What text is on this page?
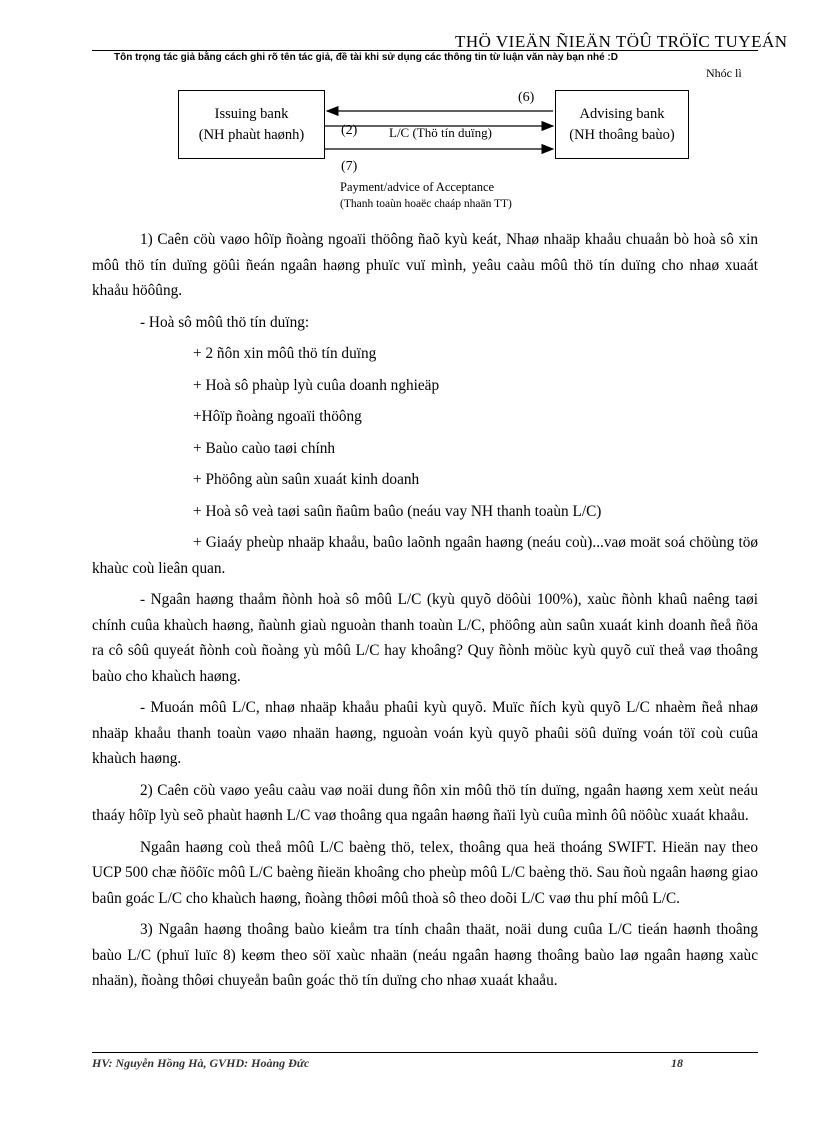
THÖ VIEÄN ÑIEÄN TÖÛ TRÖÏC TUYEÁN
Tôn trọng tác giả bằng cách ghi rõ tên tác giả, đề tài khi sử dụng các thông tin từ luận văn này bạn nhé :D
Nhóc lì
Issuing bank
(NH phaùt haønh)
Advising bank
(NH thoâng baùo)
(6)
(2) L/C (Thö tín duïng)
(7)
Payment/advice of Acceptance
(Thanh toaùn hoaëc chaáp nhaän TT)

1) Caên cöù vaøo hôïp ñoàng ngoaïi thöông ñaõ kyù keát, Nhaø nhaäp khaåu chuaån bò hoà sô xin môû thö tín duïng göûi ñeán ngaân haøng phuïc vuï mình, yeâu caàu môû thö tín duïng cho nhaø xuaát khaåu höôûng.

- Hoà sô môû thö tín duïng:

+ 2 ñôn xin môû thö tín duïng

+ Hoà sô phaùp lyù cuûa doanh nghieäp

+Hôïp ñoàng ngoaïi thöông

+ Baùo caùo taøi chính

+ Phöông aùn saûn xuaát kinh doanh

+ Hoà sô veà taøi saûn ñaûm baûo (neáu vay NH thanh toaùn L/C)

+ Giaáy pheùp nhaäp khaåu, baûo laõnh ngaân haøng (neáu coù)...vaø moät soá chöùng töø khaùc coù lieân quan.

- Ngaân haøng thaåm ñònh hoà sô môû L/C (kyù quyõ döôùi 100%), xaùc ñònh khaû naêng taøi chính cuûa khaùch haøng, ñaùnh giaù nguoàn thanh toaùn L/C, phöông aùn saûn xuaát kinh doanh ñeå ñöa ra cô sôû quyeát ñònh coù ñoàng yù môû L/C hay khoâng? Quy ñònh möùc kyù quyõ cuï theå vaø thoâng baùo cho khaùch haøng.

- Muoán môû L/C, nhaø nhaäp khaåu phaûi kyù quyõ. Muïc ñích kyù quyõ L/C nhaèm ñeå nhaø nhaäp khaåu thanh toaùn vaøo nhaän haøng, nguoàn voán kyù quyõ phaûi söû duïng voán töï coù cuûa khaùch haøng.

2) Caên cöù vaøo yeâu caàu vaø noäi dung ñôn xin môû thö tín duïng, ngaân haøng xem xeùt neáu thaáy hôïp lyù seõ phaùt haønh L/C vaø thoâng qua ngaân haøng ñaïi lyù cuûa mình ôû nöôùc xuaát khaåu.

Ngaân haøng coù theå môû L/C baèng thö, telex, thoâng qua heä thoáng SWIFT. Hieän nay theo UCP 500 chæ ñöôïc môû L/C baèng ñieän khoâng cho pheùp môû L/C baèng thö. Sau ñoù ngaân haøng giao baûn goác L/C cho khaùch haøng, ñoàng thôøi môû thoà sô theo doõi L/C vaø thu phí môû L/C.

3) Ngaân haøng thoâng baùo kieåm tra tính chaân thaät, noäi dung cuûa L/C tieán haønh thoâng baùo L/C (phuï luïc 8) keøm theo söï xaùc nhaän (neáu ngaân haøng thoâng baùo laø ngaân haøng xaùc nhaän), ñoàng thôøi chuyeån baûn goác thö tín duïng cho nhaø xuaát khaåu.

HV: Nguyễn Hồng Hà, GVHD: Hoàng Đức	18
